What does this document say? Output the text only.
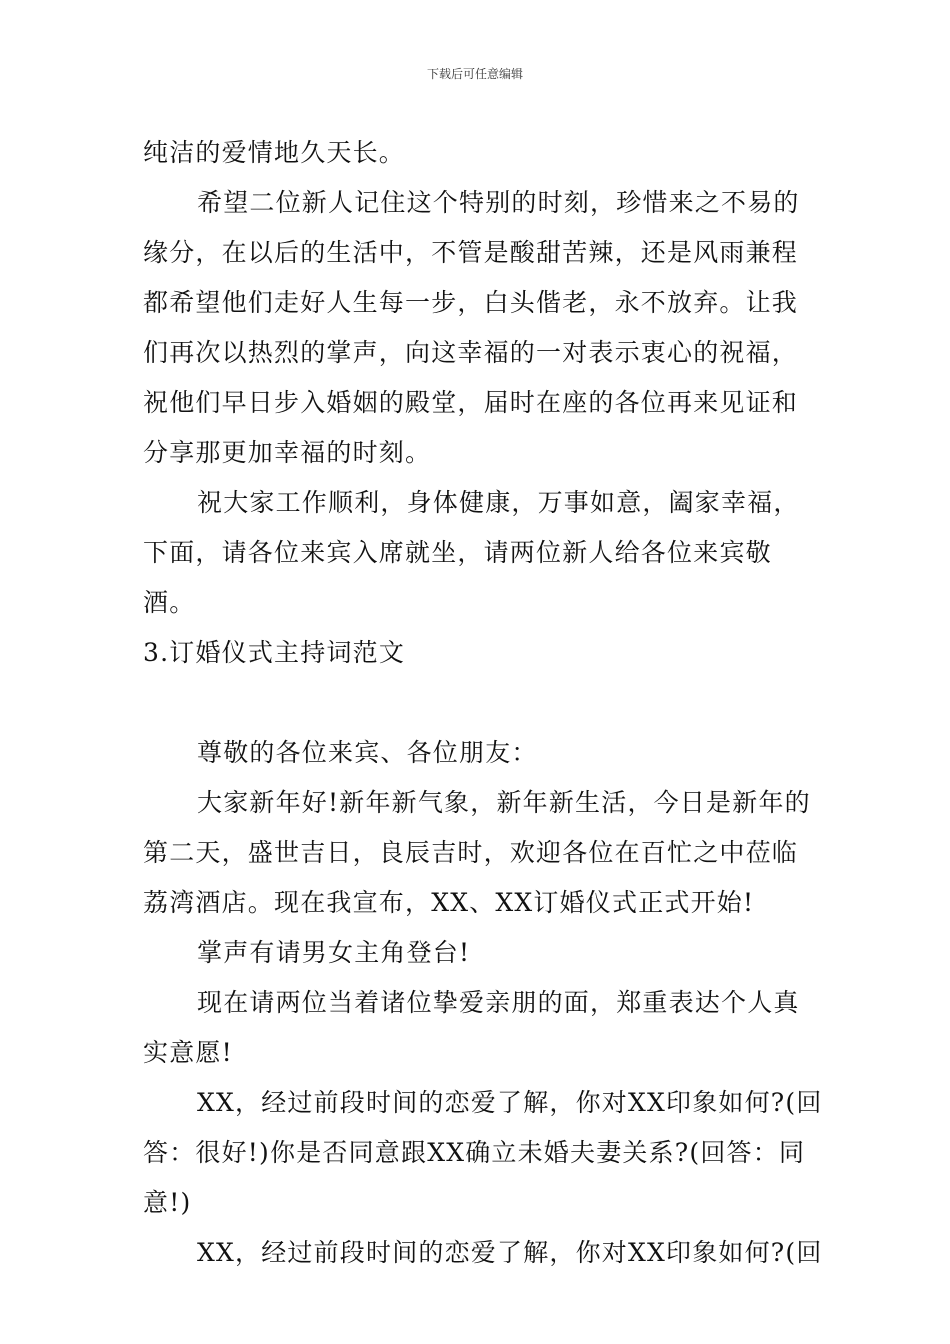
下载后可任意编辑

纯洁的爱情地久天长。

希望二位新人记住这个特别的时刻，珍惜来之不易的缘分，在以后的生活中，不管是酸甜苦辣，还是风雨兼程都希望他们走好人生每一步，白头偕老，永不放弃。让我们再次以热烈的掌声，向这幸福的一对表示衷心的祝福，祝他们早日步入婚姻的殿堂，届时在座的各位再来见证和分享那更加幸福的时刻。

祝大家工作顺利，身体健康，万事如意，阖家幸福，下面，请各位来宾入席就坐，请两位新人给各位来宾敬酒。

3.订婚仪式主持词范文

尊敬的各位来宾、各位朋友：

大家新年好!新年新气象，新年新生活，今日是新年的第二天，盛世吉日，良辰吉时，欢迎各位在百忙之中莅临荔湾酒店。现在我宣布，XX、XX订婚仪式正式开始!

掌声有请男女主角登台!

现在请两位当着诸位挚爱亲朋的面，郑重表达个人真实意愿!

XX，经过前段时间的恋爱了解，你对XX印象如何?(回答：很好!)你是否同意跟XX确立未婚夫妻关系?(回答：同意!)

XX，经过前段时间的恋爱了解，你对XX印象如何?(回
